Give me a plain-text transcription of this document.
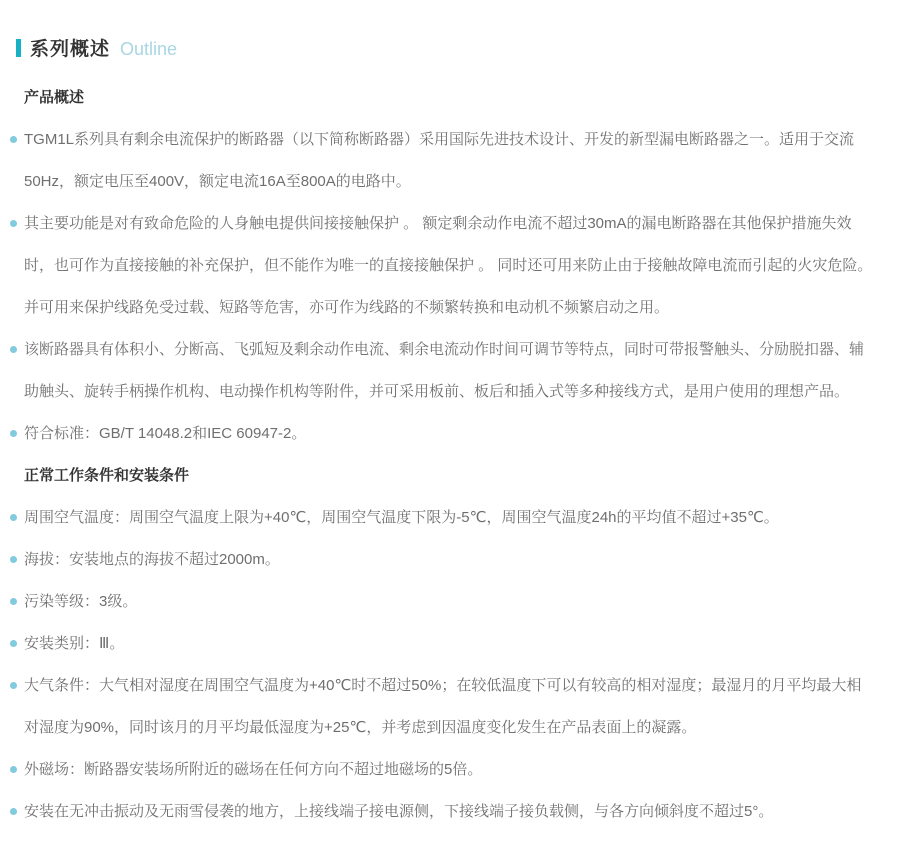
系列概述 Outline
产品概述
TGM1L系列具有剩余电流保护的断路器（以下简称断路器）采用国际先进技术设计、开发的新型漏电断路器之一。适用于交流50Hz，额定电压至400V，额定电流16A至800A的电路中。
其主要功能是对有致命危险的人身触电提供间接接触保护 。 额定剩余动作电流不超过30mA的漏电断路器在其他保护措施失效时，也可作为直接接触的补充保护，但不能作为唯一的直接接触保护 。 同时还可用来防止由于接触故障电流而引起的火灾危险。并可用来保护线路免受过载、短路等危害，亦可作为线路的不频繁转换和电动机不频繁启动之用。
该断路器具有体积小、分断高、飞弧短及剩余动作电流、剩余电流动作时间可调节等特点，同时可带报警触头、分励脱扣器、辅助触头、旋转手柄操作机构、电动操作机构等附件，并可采用板前、板后和插入式等多种接线方式，是用户使用的理想产品。
符合标准：GB/T 14048.2和IEC 60947-2。
正常工作条件和安装条件
周围空气温度：周围空气温度上限为+40℃，周围空气温度下限为-5℃，周围空气温度24h的平均值不超过+35℃。
海拔：安装地点的海拔不超过2000m。
污染等级：3级。
安装类别：Ⅲ。
大气条件：大气相对湿度在周围空气温度为+40℃时不超过50%；在较低温度下可以有较高的相对湿度；最湿月的月平均最大相对湿度为90%，同时该月的月平均最低湿度为+25℃，并考虑到因温度变化发生在产品表面上的凝露。
外磁场：断路器安装场所附近的磁场在任何方向不超过地磁场的5倍。
安装在无冲击振动及无雨雪侵袭的地方，上接线端子接电源侧，下接线端子接负载侧，与各方向倾斜度不超过5°。
